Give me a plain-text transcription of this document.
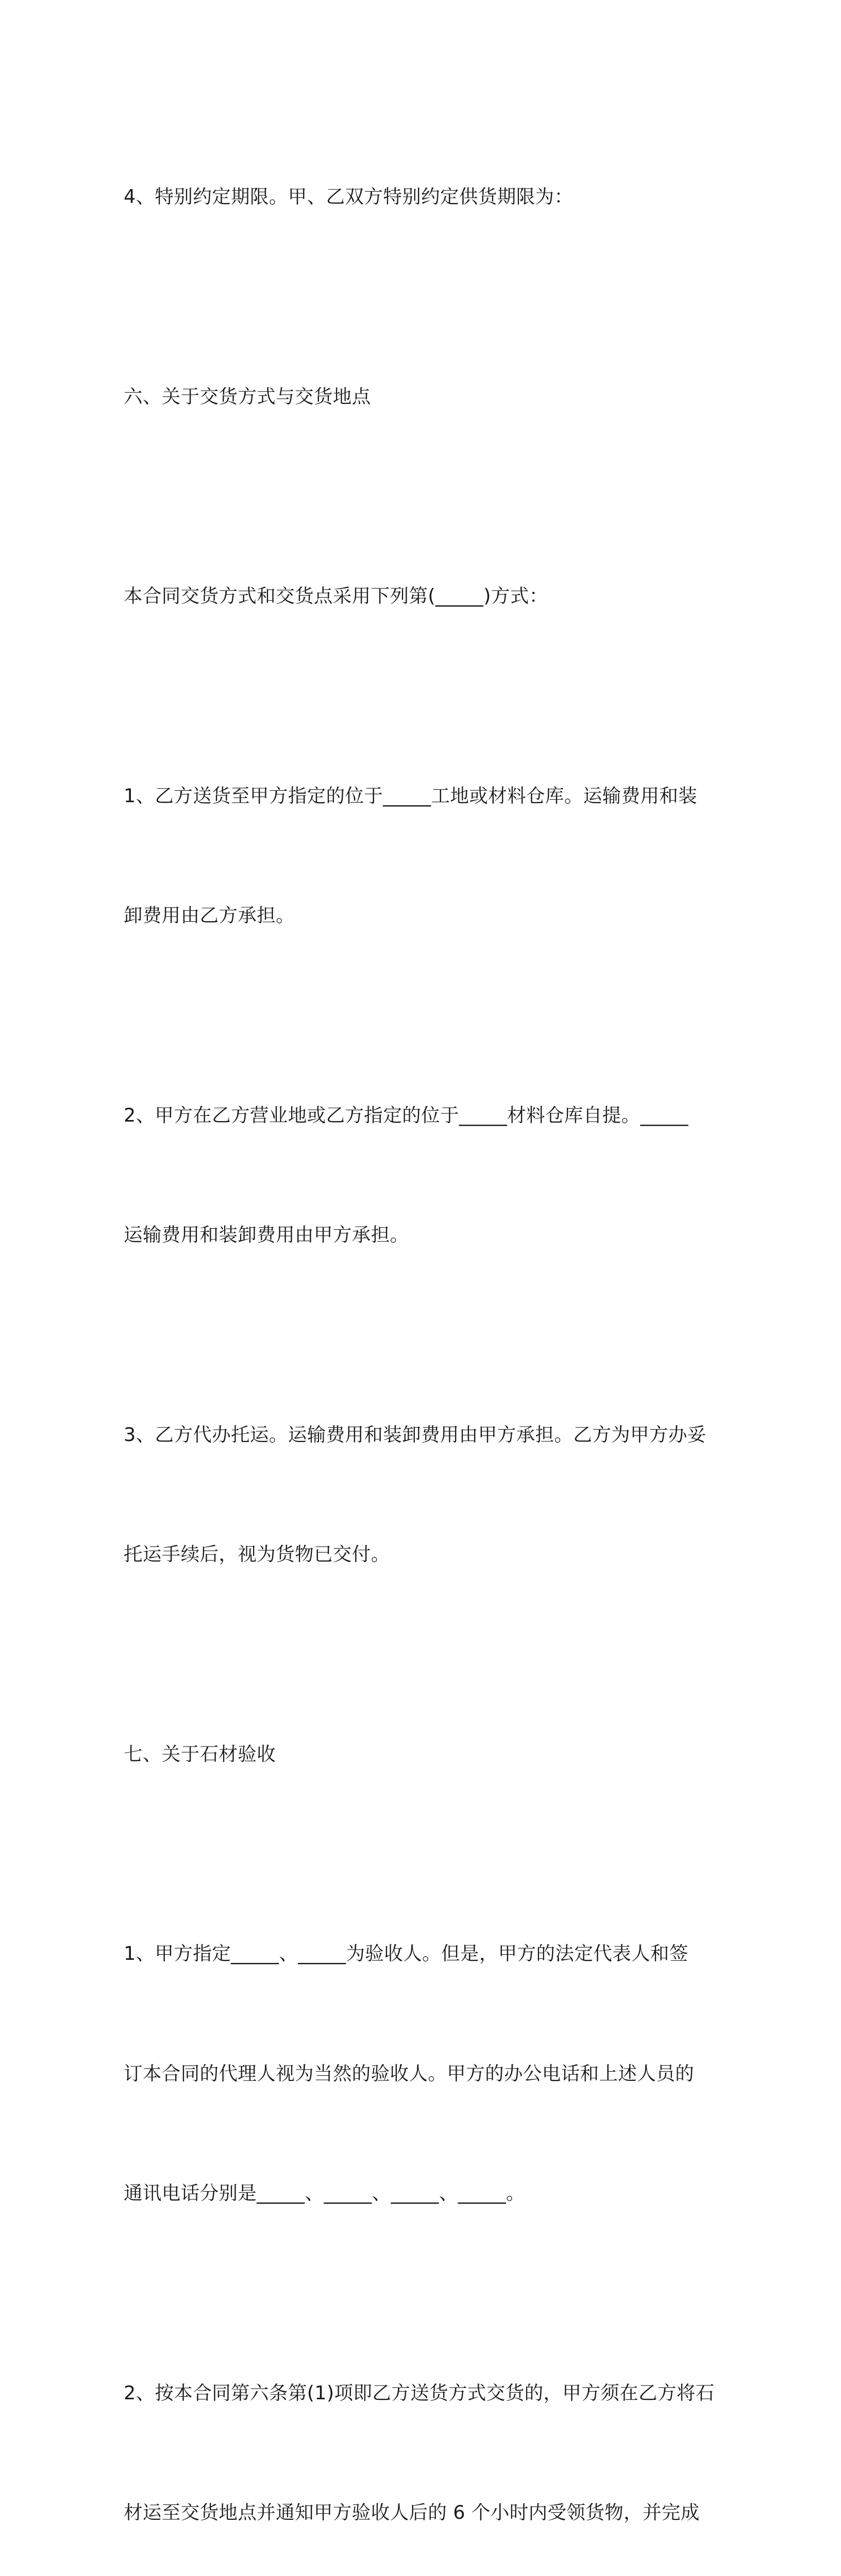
4、特别约定期限。甲、乙双方特别约定供货期限为：

六、关于交货方式与交货地点

本合同交货方式和交货点采用下列第(_____)方式：

1、乙方送货至甲方指定的位于_____工地或材料仓库。运输费用和装

卸费用由乙方承担。

2、甲方在乙方营业地或乙方指定的位于_____材料仓库自提。_____

运输费用和装卸费用由甲方承担。

3、乙方代办托运。运输费用和装卸费用由甲方承担。乙方为甲方办妥

托运手续后，视为货物已交付。

七、关于石材验收

1、甲方指定_____、_____为验收人。但是，甲方的法定代表人和签

订本合同的代理人视为当然的验收人。甲方的办公电话和上述人员的

通讯电话分别是_____、_____、_____、_____。

2、按本合同第六条第(1)项即乙方送货方式交货的，甲方须在乙方将石

材运至交货地点并通知甲方验收人后的 6 个小时内受领货物，并完成
